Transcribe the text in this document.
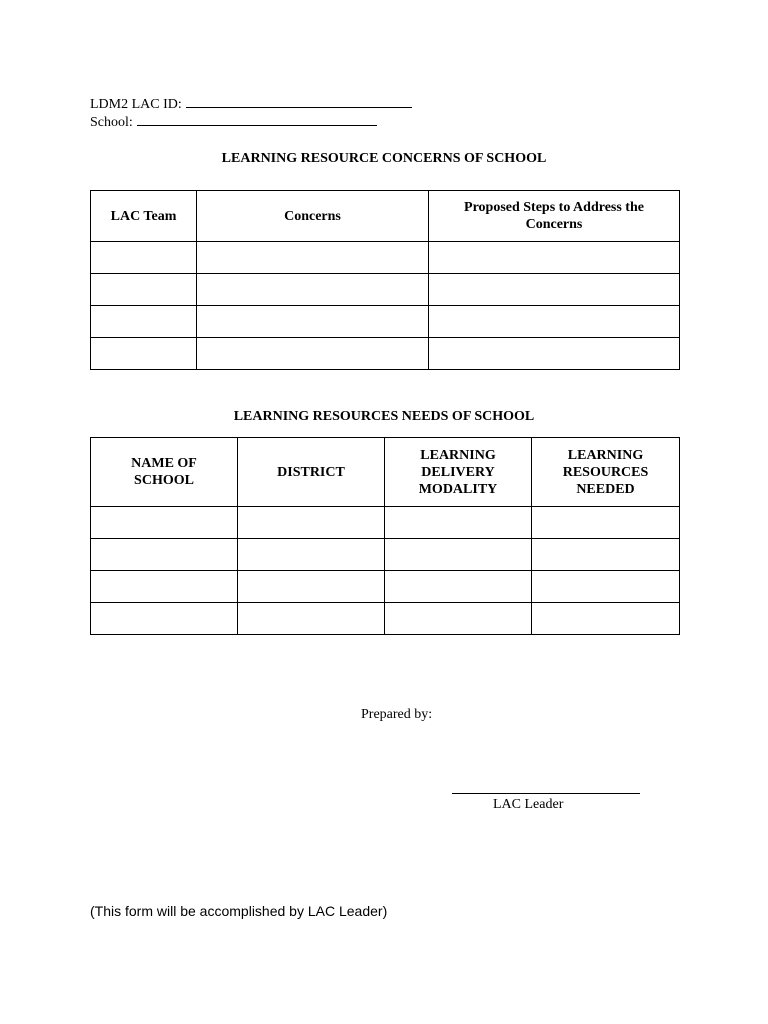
LDM2 LAC ID:
School:
LEARNING RESOURCE CONCERNS OF SCHOOL
LAC Team	Concerns	Proposed Steps to Address the Concerns

LEARNING RESOURCES NEEDS OF SCHOOL
NAME OF SCHOOL	DISTRICT	LEARNING DELIVERY MODALITY	LEARNING RESOURCES NEEDED

Prepared by:
LAC Leader
(This form will be accomplished by LAC Leader)
